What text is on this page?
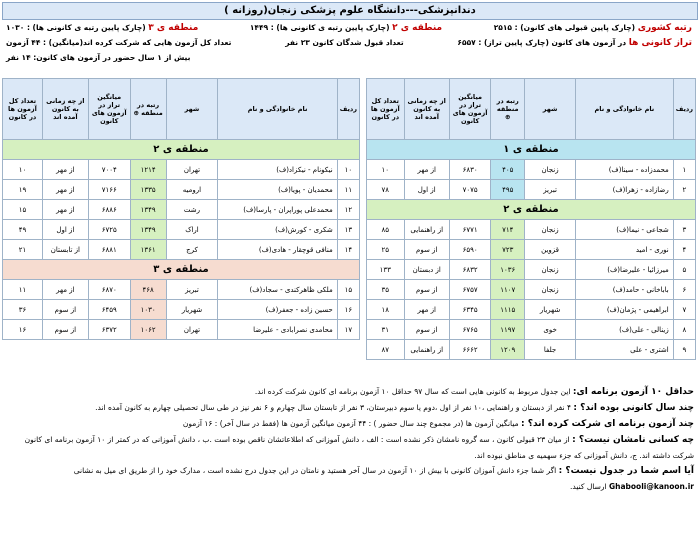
دندانپزشکی---دانشگاه علوم پزشکی زنجان(روزانه )
رتبه کشوری (چارک پایین قبولی های کانون) : ۲۵۱۵
منطقه ی ۲ (چارک پایین رتبه ی کانونی ها) : ۱۴۴۹
منطقه ی ۳ (چارک پایین رتبه ی کانونی ها) : ۱۰۳۰
تراز کانونی ها در آزمون های کانون (چارک پایین تراز) : ۶۵۵۷
تعداد قبول شدگان کانون ۲۳ نفر
تعداد کل آزمون هایی که شرکت کرده اند(میانگین) : ۴۴ آزمون
بیش از ۱ سال حضور در آزمون های کانون: ۱۴ نفر
ردیف	نام خانوادگی و نام	شهر	رتبه در منطقه ⊕	میانگین تراز در آزمون های کانون	از چه زمانی به کانون آمده اند	تعداد کل آزمون ها در کانون
منطقه ی ۱						
۱	محمدزاده - سینا(ف)	زنجان	۴۰۵	۶۸۳۰	از مهر	۱۰
۲	رضازاده - زهرا(ف)	تبریز	۴۹۵	۷۰۷۵	از اول	۷۸
منطقه ی ۲						
۳	شجاعی - نیما(ف)	زنجان	۷۱۴	۶۷۷۱	از راهنمایی	۸۵
۴	نوری - امید	قزوین	۷۲۳	۶۵۹۰	از سوم	۲۵
۵	میرزائیا - علیرضا(ف)	زنجان	۱۰۳۶	۶۸۳۲	از دبستان	۱۳۳
۶	باباخانی - حامد(ف)	زنجان	۱۱۰۷	۶۷۵۷	از سوم	۳۵
۷	ابراهیمی - پژمان(ف)	شهریار	۱۱۱۵	۶۳۴۵	از مهر	۱۸
۸	زینالی - علی(ف)	خوی	۱۱۹۷	۶۷۶۵	از سوم	۳۱
۹	اشتری - علی	جلفا	۱۲۰۹	۶۶۶۲	از راهنمایی	۸۷
ردیف	نام خانوادگی و نام	شهر	رتبه در منطقه ⊕	میانگین تراز در آزمون های کانون	از چه زمانی به کانون آمده اند	تعداد کل آزمون ها در کانون
منطقه ی ۲						
۱۰	نیکونام - نیکزاد(ف)	تهران	۱۲۱۴	۷۰۰۴	از مهر	۱۰
۱۱	محمدیان - پویا(ف)	ارومیه	۱۳۳۵	۷۱۶۶	از مهر	۱۹
۱۲	محمدعلی پوراپران - پارسا(ف)	رشت	۱۳۴۹	۶۸۸۶	از مهر	۱۵
۱۳	شکری - کورش(ف)	اراک	۱۳۴۹	۶۷۲۵	از اول	۴۹
۱۴	منافی قوچقار - هادی(ف)	کرج	۱۳۶۱	۶۸۸۱	از تابستان	۲۱
منطقه ی ۳						
۱۵	ملکی ظاهرکندی - سجاد(ف)	تبریز	۴۶۸	۶۸۷۰	از مهر	۱۱
۱۶	حسین زاده - جعفر(ف)	شهریار	۱۰۳۰	۶۴۵۹	از سوم	۳۶
۱۷	محامدی نصرابادی - علیرضا	تهران	۱۰۶۲	۶۳۷۲	از سوم	۱۶
حداقل ۱۰ آزمون برنامه ای: این جدول مربوط به کانونی هایی است که سال ۹۷ حداقل ۱۰ آزمون برنامه ای کانون شرکت کرده اند.
چند سال کانونی بوده اند؟ : ۴ نفر از دبستان و راهنمایی ،۱۰ نفر از اول ،دوم یا سوم دبیرستان، ۳ نفر از تابستان سال چهارم و ۶ نفر نیز در طی سال تحصیلی چهارم به کانون آمده اند.
چند آزمون برنامه ای شرکت کرده اند؟ : میانگین آزمون ها (در مجموع چند سال حضور ) : ۴۴ آزمون میانگین آزمون ها (فقط در سال آخر) : ۱۶ آزمون
چه کسانی نامشان نیست؟ : از میان ۲۳ قبولی کانون ، سه گروه نامشان ذکر نشده است : الف ، دانش آموزانی که اطلاعاتشان ناقص بوده است .ب ، دانش آموزانی که در کمتر از ۱۰ آزمون برنامه ای کانون شرکت داشته اند. ج، دانش آموزانی که جزء سهمیه ی مناطق نبوده اند.
آیا اسم شما در جدول نیست؟ : اگر شما جزء دانش آموزان کانونی با بیش از ۱۰ آزمون در سال آخر هستید و نامتان در این جدول درج نشده است ، مدارک خود را از طریق ای میل به نشانی Ghabooli@kanoon.ir ارسال کنید.
